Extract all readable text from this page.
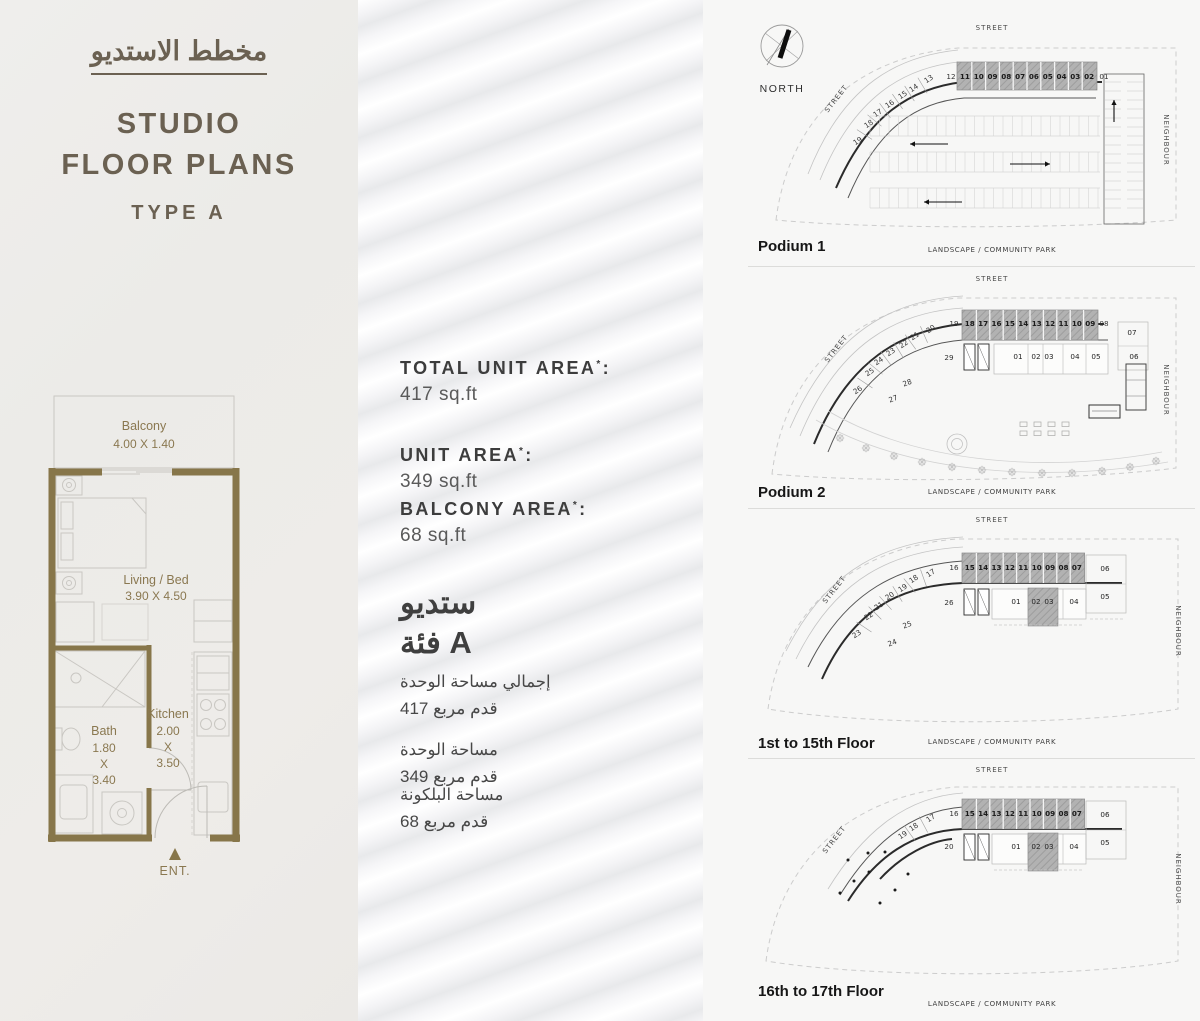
مخطط الاستديو
STUDIO
FLOOR PLANS
TYPE A
Balcony
4.00 X 1.40
Living / Bed
3.90 X 4.50
Kitchen
2.00
X
3.50
Bath
1.80
X
3.40
ENT.
TOTAL UNIT AREA*:
417 sq.ft
UNIT AREA*:
349 sq.ft
BALCONY AREA*:
68 sq.ft
ستديو
فئة A
إجمالي مساحة الوحدة
417 قدم مربع
مساحة الوحدة
349 قدم مربع
مساحة البلكونة
68 قدم مربع
NORTH
Podium 1
13
14
15
16
17
18
19
11 10 09 08 07 06 05 04 03 02
12	01
STREET
STREET
NEIGHBOUR
LANDSCAPE / COMMUNITY PARK
Podium 2
20
21
22
23
24
25
26
18 17 16 15 14 13 12 11 10 09
19	08
01 02 03 04 05
07
06
29
28
27
STREET
STREET
NEIGHBOUR
LANDSCAPE / COMMUNITY PARK
1st to 15th Floor
17
18
19
20
21
22
23
15 14 13 12 11 10 09 08 07
16
01 02 03 04
06
05
26
25
24
STREET
STREET
NEIGHBOUR
LANDSCAPE / COMMUNITY PARK
16th to 17th Floor
17
18
19
15 14 13 12 11 10 09 08 07
16
01 02 03 04
06
05
20
STREET
STREET
NEIGHBOUR
LANDSCAPE / COMMUNITY PARK
